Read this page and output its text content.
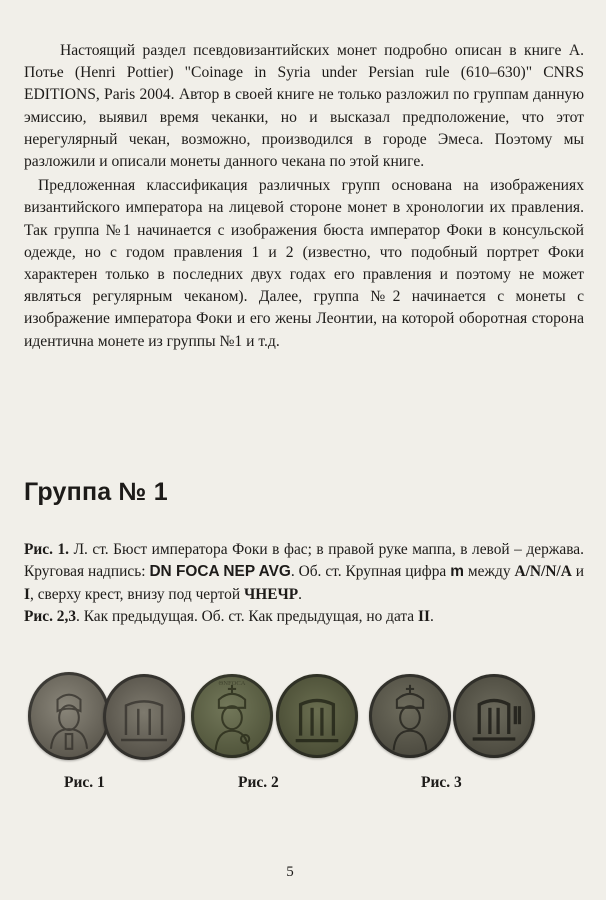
Настоящий раздел псевдовизантийских монет подробно описан в книге А. Потье (Henri Pottier) "Coinage in Syria under Persian rule (610–630)" CNRS EDITIONS, Paris 2004. Автор в своей книге не только разложил по группам данную эмиссию, выявил время чеканки, но и высказал предположение, что этот нерегулярный чекан, возможно, производился в городе Эмеса. Поэтому мы разложили и описали монеты данного чекана по этой книге.

Предложенная классификация различных групп основана на изображениях византийского императора на лицевой стороне монет в хронологии их правления. Так группа №1 начинается с изображения бюста император Фоки в консульской одежде, но с годом правления 1 и 2 (известно, что подобный портрет Фоки характерен только в последних двух годах его правления и поэтому не может являться регулярным чеканом). Далее, группа №2 начинается с монеты с изображение императора Фоки и его жены Леонтии, на которой оборотная сторона идентична монете из группы №1 и т.д.

Группа № 1

Рис. 1. Л. ст. Бюст императора Фоки в фас; в правой руке маппа, в левой – держава. Круговая надпись: DN FOCA NEP AVG. Об. ст. Крупная цифра m между A/N/N/A и I, сверху крест, внизу под чертой ЧНЕЧР.

Рис. 2,3. Как предыдущая. Об. ст. Как предыдущая, но дата II.

ΘNFOCA
Рис. 1	Рис. 2	Рис. 3
5
